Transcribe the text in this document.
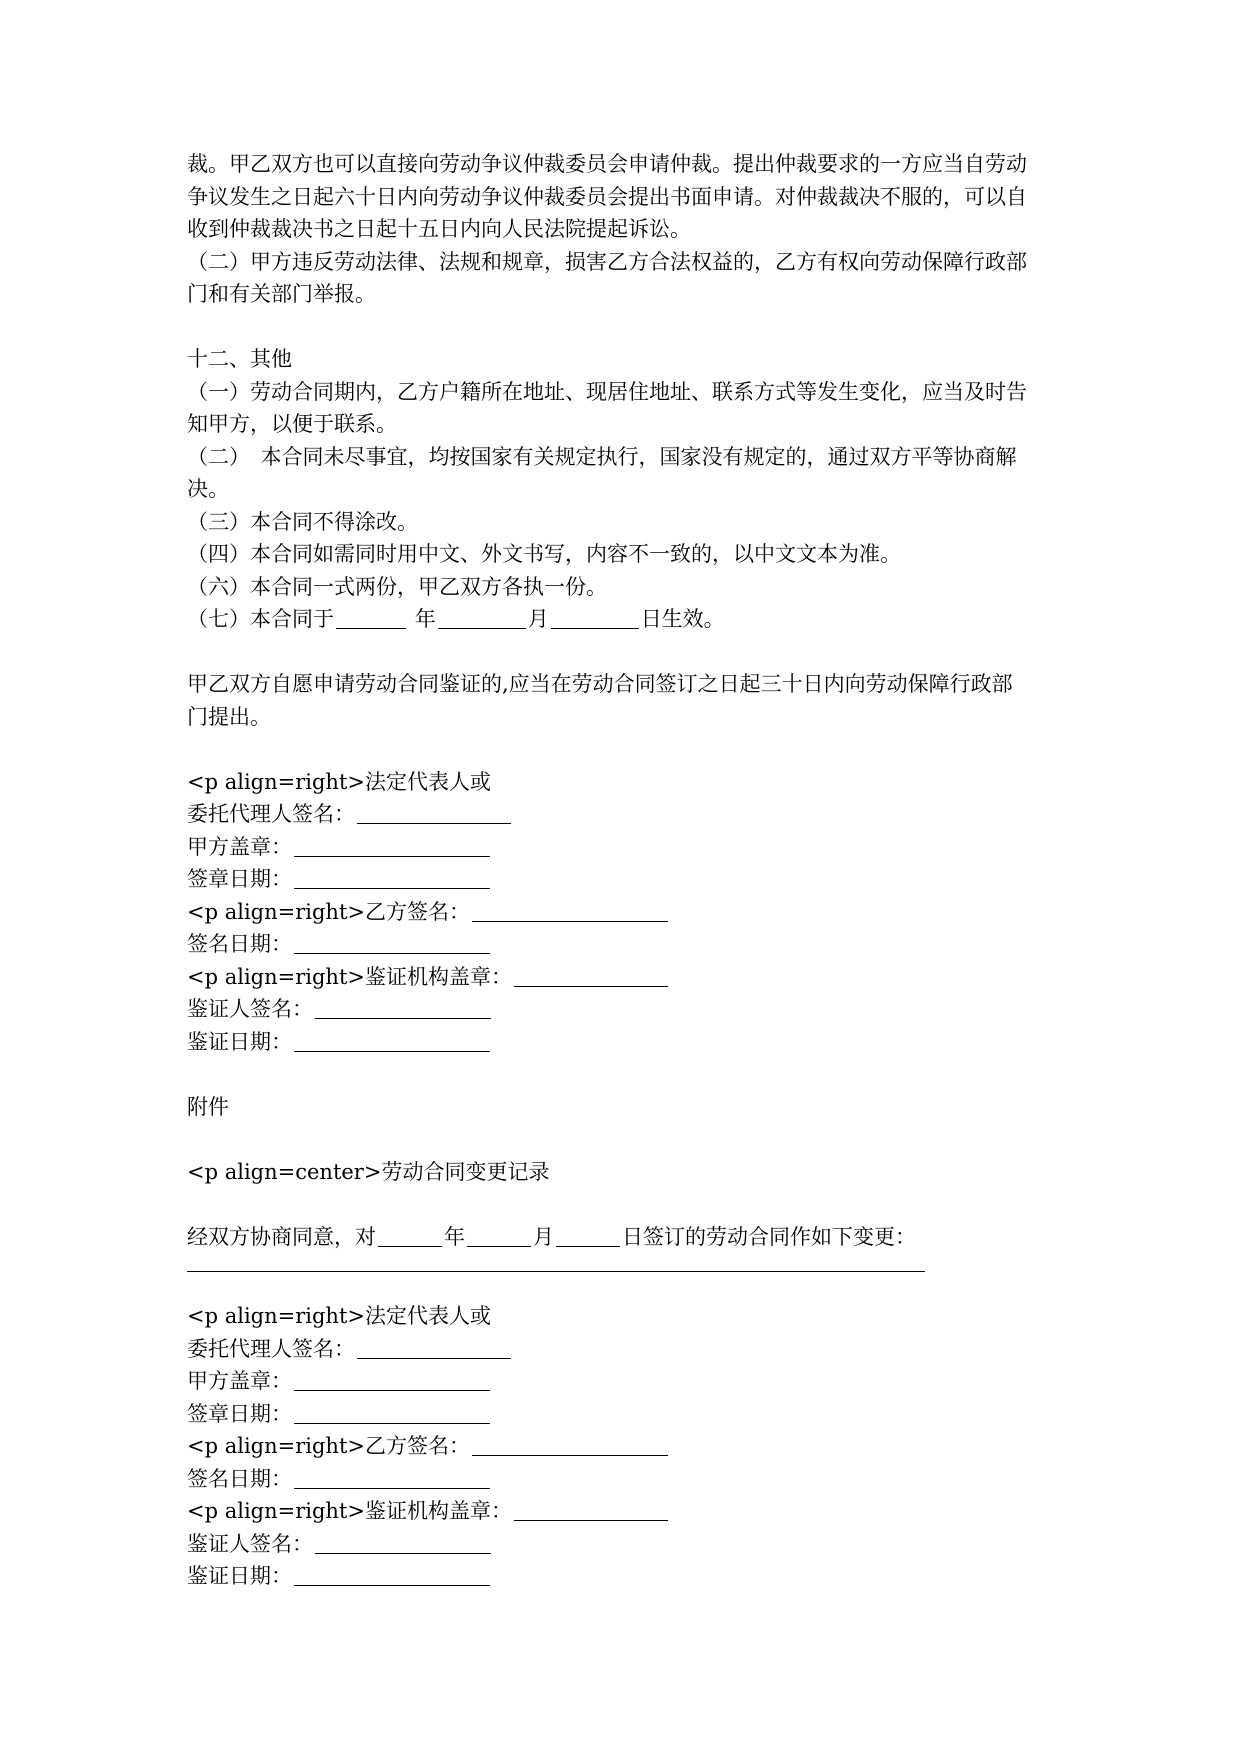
裁。甲乙双方也可以直接向劳动争议仲裁委员会申请仲裁。提出仲裁要求的一方应当自劳动
争议发生之日起六十日内向劳动争议仲裁委员会提出书面申请。对仲裁裁决不服的，可以自
收到仲裁裁决书之日起十五日内向人民法院提起诉讼。
（二）甲方违反劳动法律、法规和规章，损害乙方合法权益的，乙方有权向劳动保障行政部
门和有关部门举报。
十二、其他
（一）劳动合同期内，乙方户籍所在地址、现居住地址、联系方式等发生变化，应当及时告
知甲方，以便于联系。
（二）　本合同未尽事宜，均按国家有关规定执行，国家没有规定的，通过双方平等协商解
决。
（三）本合同不得涂改。
（四）本合同如需同时用中文、外文书写，内容不一致的，以中文文本为准。
（六）本合同一式两份，甲乙双方各执一份。
（七）本合同于	年	月	日生效。
甲乙双方自愿申请劳动合同鉴证的,应当在劳动合同签订之日起三十日内向劳动保障行政部
门提出。
<p align=right>法定代表人或
委托代理人签名：
甲方盖章：
签章日期：
<p align=right>乙方签名：
签名日期：
<p align=right>鉴证机构盖章：
鉴证人签名：
鉴证日期：
附件
<p align=center>劳动合同变更记录
经双方协商同意，对	年	月	日签订的劳动合同作如下变更：
<p align=right>法定代表人或
委托代理人签名：
甲方盖章：
签章日期：
<p align=right>乙方签名：
签名日期：
<p align=right>鉴证机构盖章：
鉴证人签名：
鉴证日期：
